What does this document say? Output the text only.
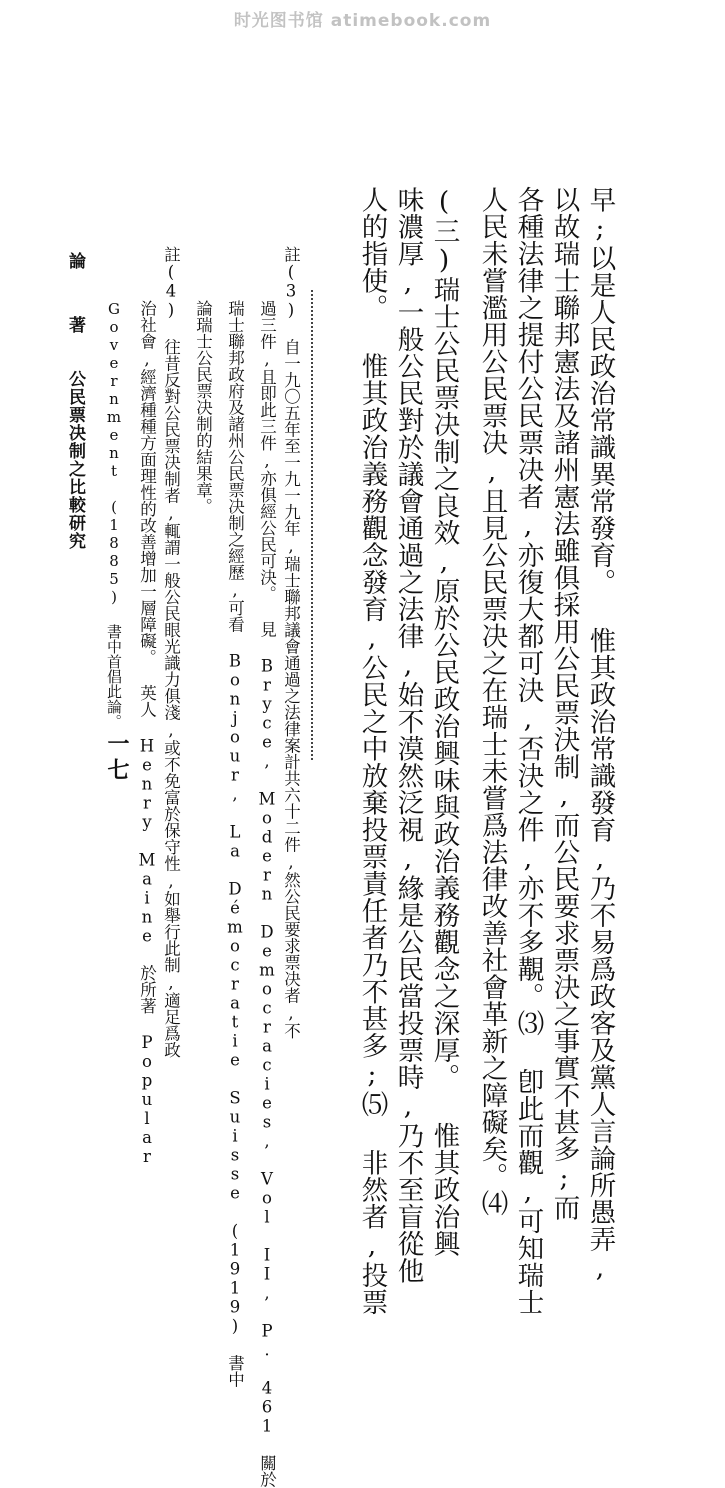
时光图书馆 atimebook.com
早;以是人民政治常識異常發育。 惟其政治常識發育,乃不易爲政客及黨人言論所愚弄,
以故瑞士聯邦憲法及諸州憲法雖俱採用公民票決制,而公民要求票決之事實不甚多;而
各種法律之提付公民票决者,亦復大都可決,否決之件,亦不多覯。⑶ 卽此而觀,可知瑞士
人民未嘗濫用公民票决,且見公民票决之在瑞士未嘗爲法律改善社會革新之障礙矣。⑷
(三)瑞士公民票决制之良效,原於公民政治興味與政治義務觀念之深厚。 惟其政治興
味濃厚,一般公民對於議會通過之法律,始不漠然泛視,緣是公民當投票時,乃不至盲從他
人的指使。 惟其政治義務觀念發育,公民之中放棄投票責任者乃不甚多;⑸ 非然者,投票
註(3) 自一九〇五年至一九一九年,瑞士聯邦議會通過之法律案計共六十二件,然公民要求票决者,不
過三件,且即此三件,亦俱經公民可決。 見 Bryce, Modern Democracies, Vol II, P. 461 關於
瑞士聯邦政府及諸州公民票决制之經歷,可看 Bonjour, La Démocratie Suisse (1919) 書中
論瑞士公民票决制的結果章。
註(4) 往昔反對公民票决制者,輒謂一般公民眼光識力俱淺,或不免富於保守性,如舉行此制,適足爲政
治社會,經濟種種方面理性的改善增加一層障礙。 英人 Henry Maine 於所著 Popular
Government (1885) 書中首倡此論。
論
著
公民票决制之比較研究
一七
